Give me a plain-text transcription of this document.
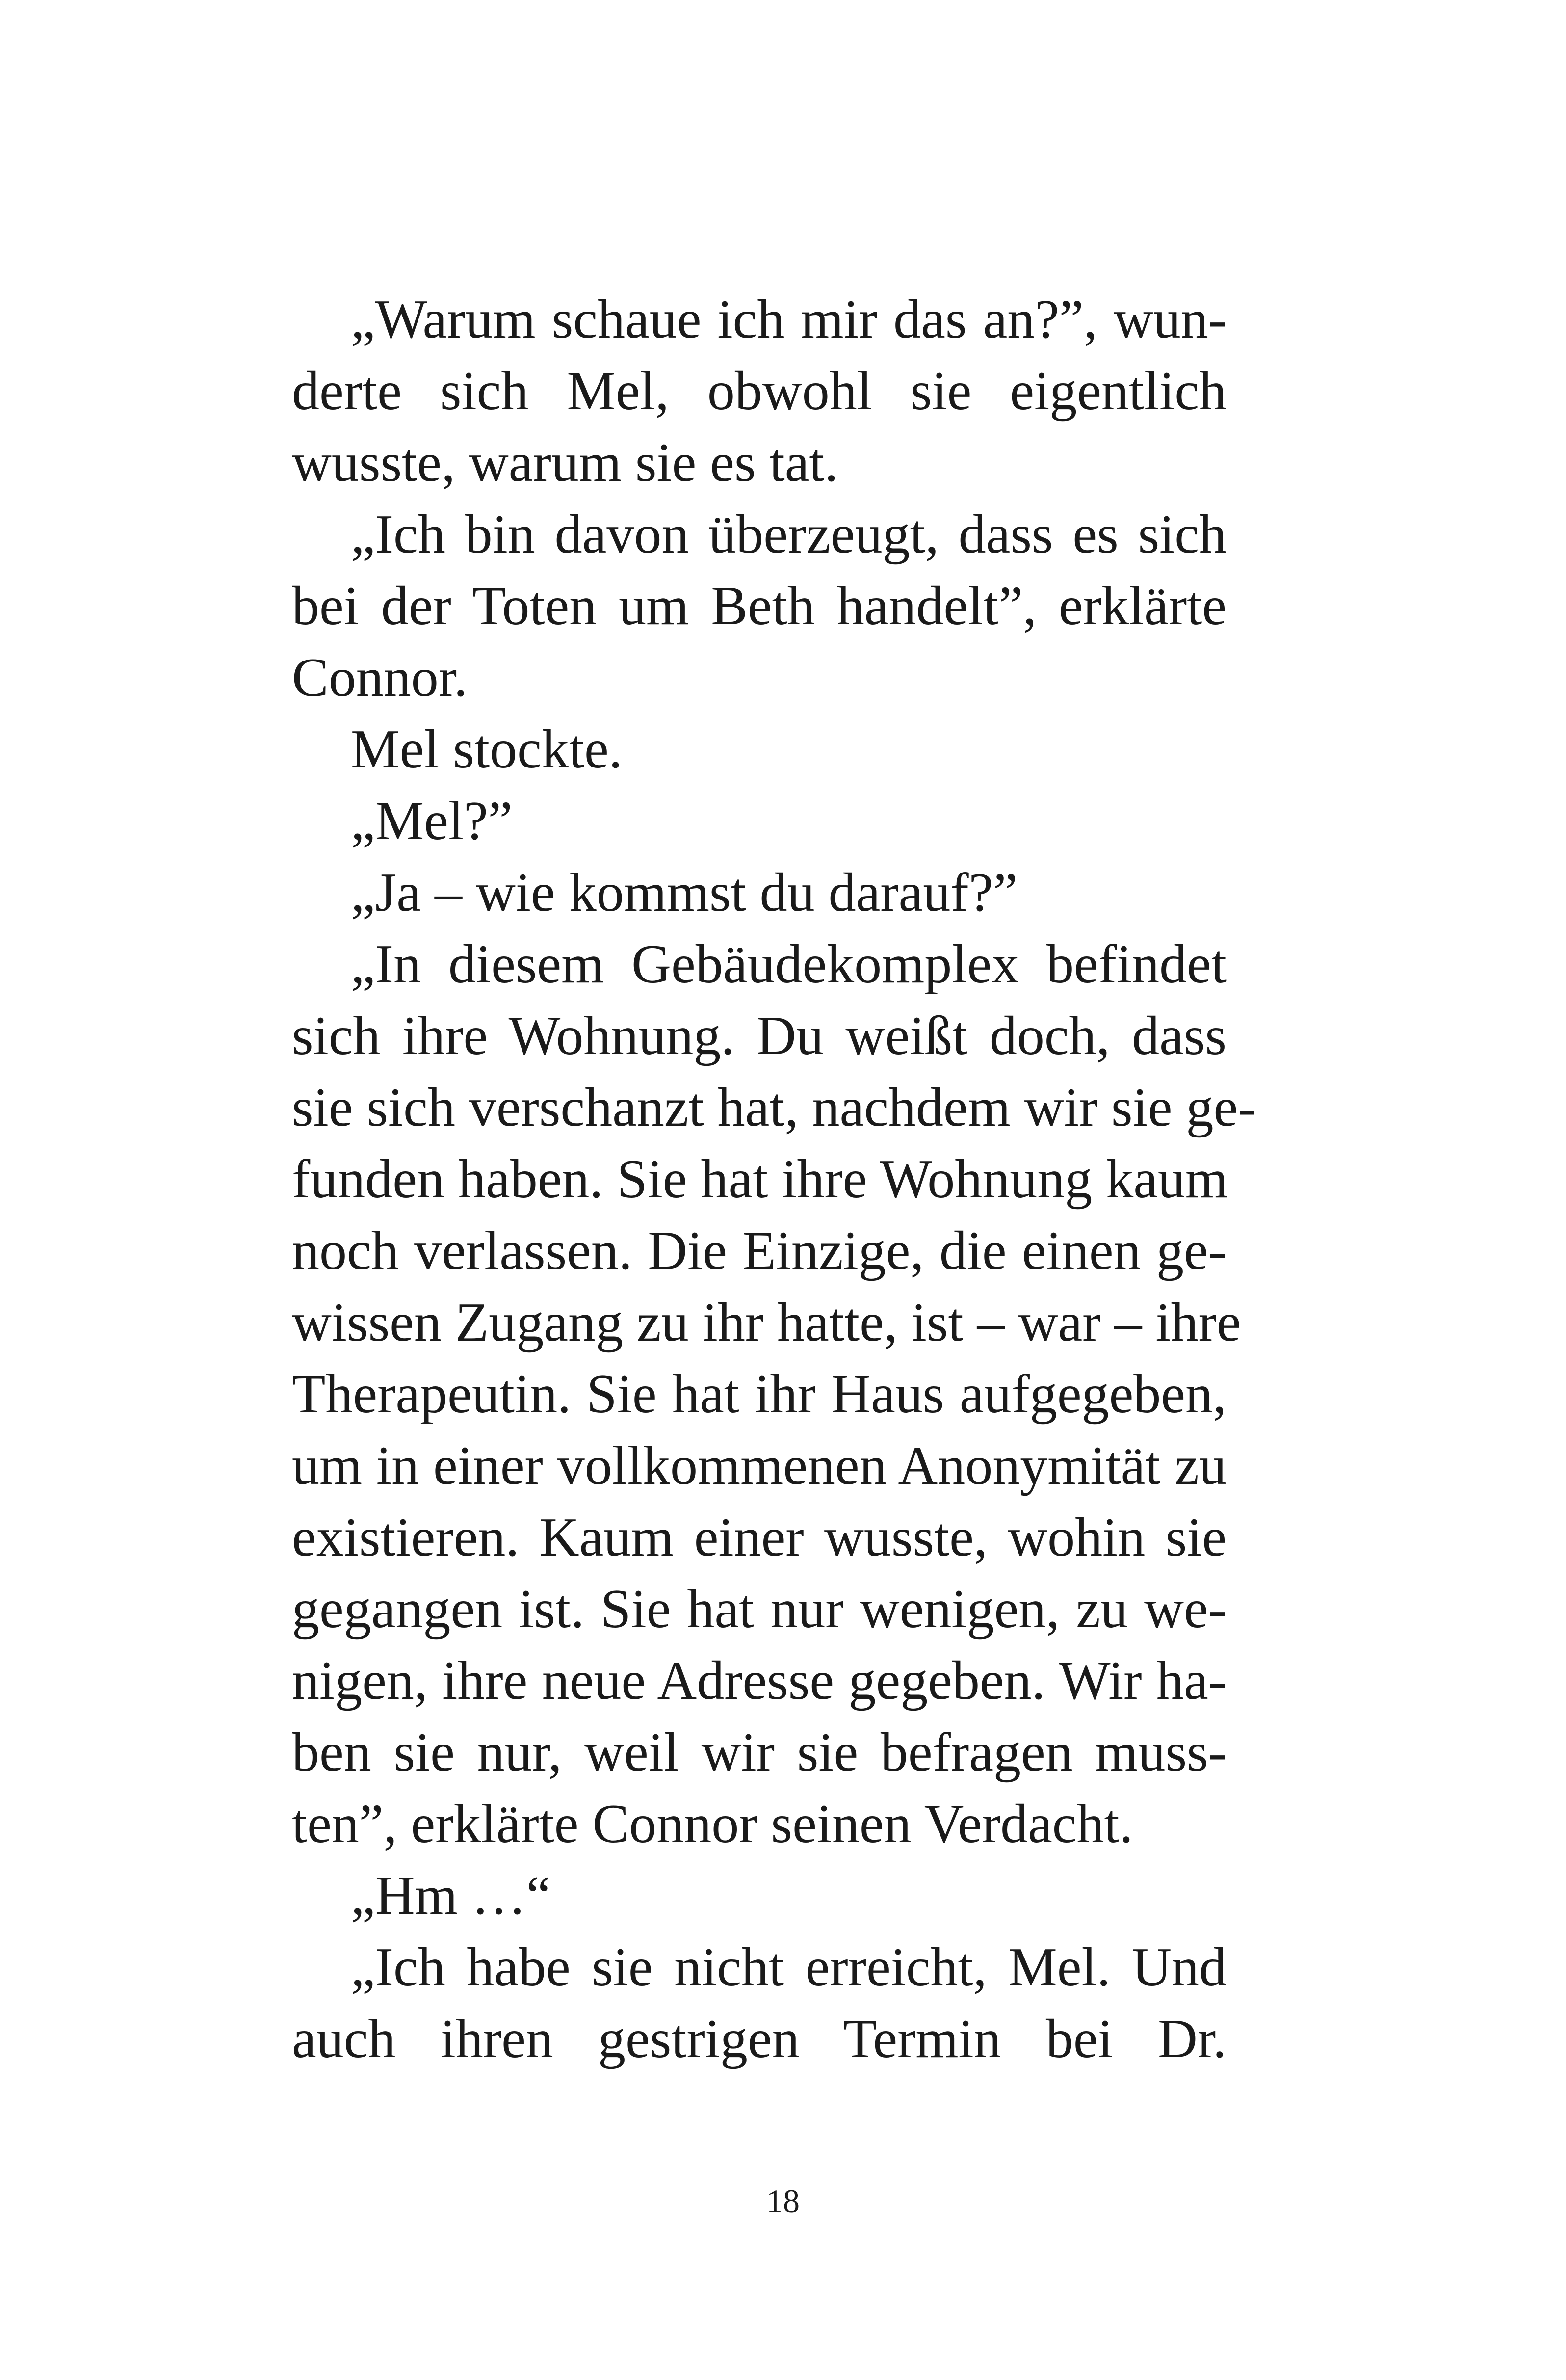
„Warum schaue ich mir das an?”, wun-
derte sich Mel, obwohl sie eigentlich
wusste, warum sie es tat.
„Ich bin davon überzeugt, dass es sich
bei der Toten um Beth handelt”, erklärte
Connor.
Mel stockte.
„Mel?”
„Ja – wie kommst du darauf?”
„In diesem Gebäudekomplex befindet
sich ihre Wohnung. Du weißt doch, dass
sie sich verschanzt hat, nachdem wir sie ge-
funden haben. Sie hat ihre Wohnung kaum
noch verlassen. Die Einzige, die einen ge-
wissen Zugang zu ihr hatte, ist – war – ihre
Therapeutin. Sie hat ihr Haus aufgegeben,
um in einer vollkommenen Anonymität zu
existieren. Kaum einer wusste, wohin sie
gegangen ist. Sie hat nur wenigen, zu we-
nigen, ihre neue Adresse gegeben. Wir ha-
ben sie nur, weil wir sie befragen muss-
ten”, erklärte Connor seinen Verdacht.
„Hm …“
„Ich habe sie nicht erreicht, Mel. Und
auch ihren gestrigen Termin bei Dr.
18
